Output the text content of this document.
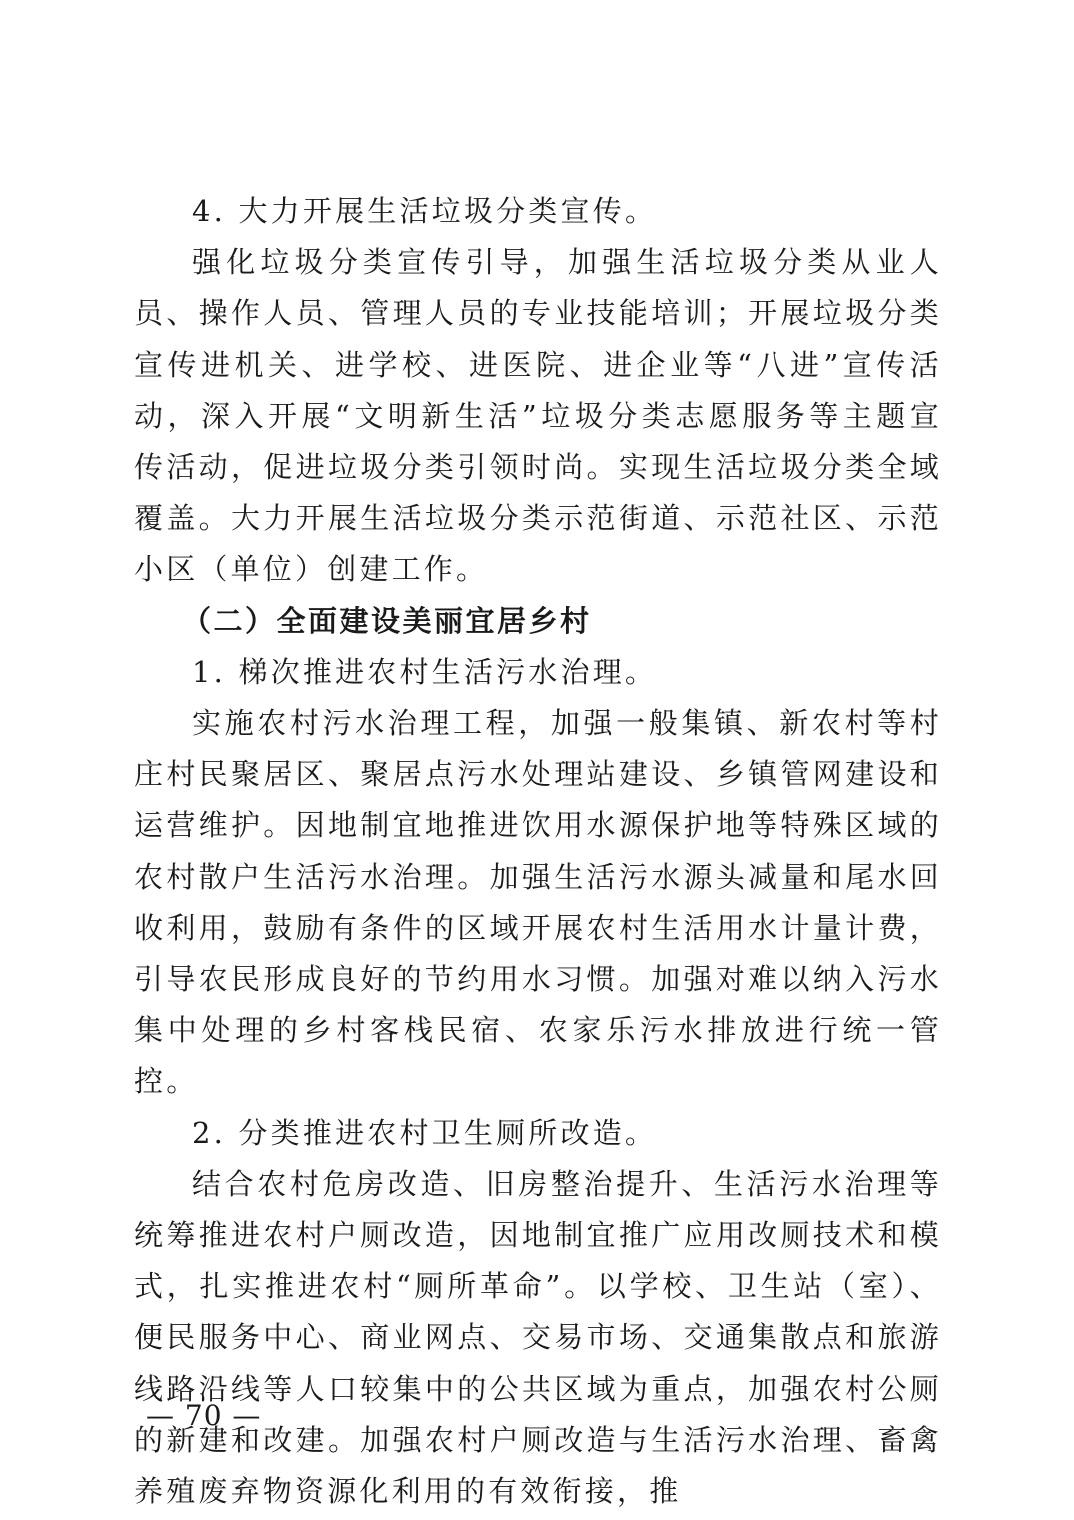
4. 大力开展生活垃圾分类宣传。

强化垃圾分类宣传引导，加强生活垃圾分类从业人员、操作人员、管理人员的专业技能培训；开展垃圾分类宣传进机关、进学校、进医院、进企业等“八进”宣传活动，深入开展“文明新生活”垃圾分类志愿服务等主题宣传活动，促进垃圾分类引领时尚。实现生活垃圾分类全域覆盖。大力开展生活垃圾分类示范街道、示范社区、示范小区（单位）创建工作。

（二）全面建设美丽宜居乡村

1. 梯次推进农村生活污水治理。

实施农村污水治理工程，加强一般集镇、新农村等村庄村民聚居区、聚居点污水处理站建设、乡镇管网建设和运营维护。因地制宜地推进饮用水源保护地等特殊区域的农村散户生活污水治理。加强生活污水源头减量和尾水回收利用，鼓励有条件的区域开展农村生活用水计量计费，引导农民形成良好的节约用水习惯。加强对难以纳入污水集中处理的乡村客栈民宿、农家乐污水排放进行统一管控。

2. 分类推进农村卫生厕所改造。

结合农村危房改造、旧房整治提升、生活污水治理等统筹推进农村户厕改造，因地制宜推广应用改厕技术和模式，扎实推进农村“厕所革命”。以学校、卫生站（室）、便民服务中心、商业网点、交易市场、交通集散点和旅游线路沿线等人口较集中的公共区域为重点，加强农村公厕的新建和改建。加强农村户厕改造与生活污水治理、畜禽养殖废弃物资源化利用的有效衔接，推

— 70 —
